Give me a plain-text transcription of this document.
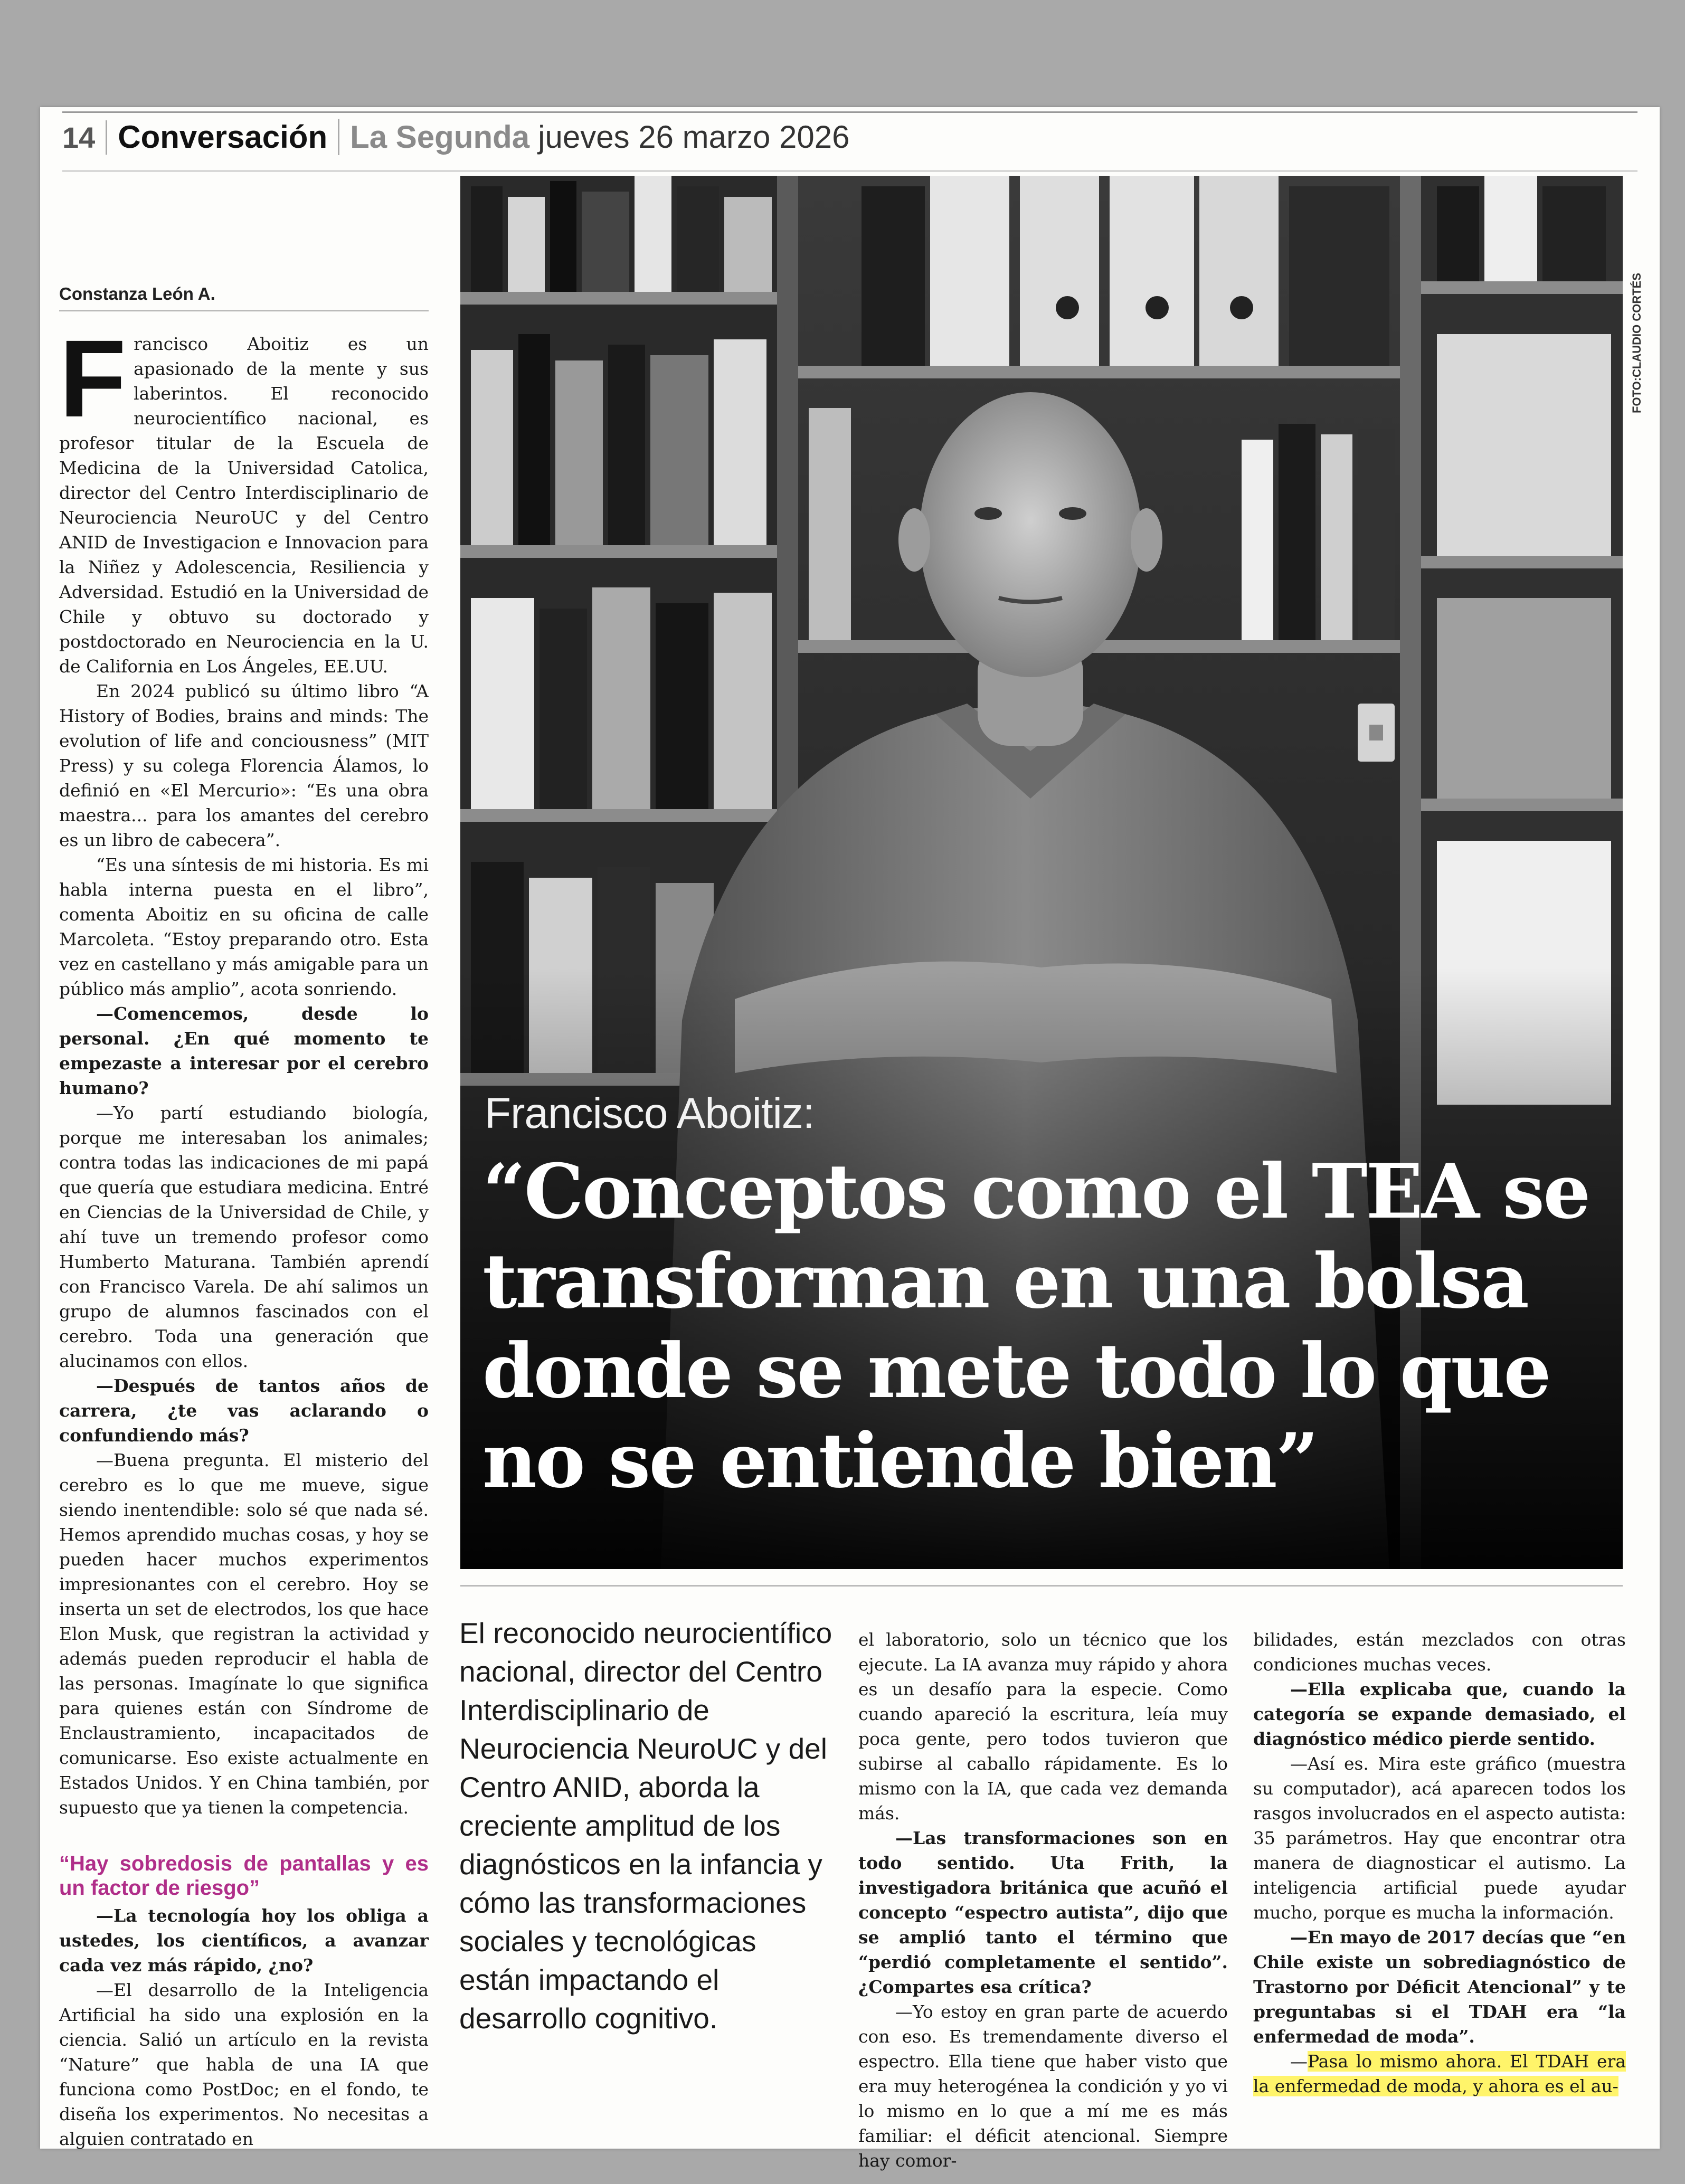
14 Conversación La Segunda jueves 26 marzo 2026
Constanza León A.

Francisco Aboitiz es un apasionado de la mente y sus laberintos. El reconocido neurocientífico nacional, es profesor titular de la Escuela de Medicina de la Universidad Catolica, director del Centro Interdisciplinario de Neurociencia NeuroUC y del Centro ANID de Investigacion e Innovacion para la Niñez y Adolescencia, Resiliencia y Adversidad. Estudió en la Universidad de Chile y obtuvo su doctorado y postdoctorado en Neurociencia en la U. de California en Los Ángeles, EE.UU.

En 2024 publicó su último libro “A History of Bodies, brains and minds: The evolution of life and conciousness” (MIT Press) y su colega Florencia Álamos, lo definió en «El Mercurio»: “Es una obra maestra... para los amantes del cerebro es un libro de cabecera”.

“Es una síntesis de mi historia. Es mi habla interna puesta en el libro”, comenta Aboitiz en su oficina de calle Marcoleta. “Estoy preparando otro. Esta vez en castellano y más amigable para un público más amplio”, acota sonriendo.

—Comencemos, desde lo personal. ¿En qué momento te empezaste a interesar por el cerebro humano?

—Yo partí estudiando biología, porque me interesaban los animales; contra todas las indicaciones de mi papá que quería que estudiara medicina. Entré en Ciencias de la Universidad de Chile, y ahí tuve un tremendo profesor como Humberto Maturana. También aprendí con Francisco Varela. De ahí salimos un grupo de alumnos fascinados con el cerebro. Toda una generación que alucinamos con ellos.

—Después de tantos años de carrera, ¿te vas aclarando o confundiendo más?

—Buena pregunta. El misterio del cerebro es lo que me mueve, sigue siendo inentendible: solo sé que nada sé. Hemos aprendido muchas cosas, y hoy se pueden hacer muchos experimentos impresionantes con el cerebro. Hoy se inserta un set de electrodos, los que hace Elon Musk, que registran la actividad y además pueden reproducir el habla de las personas. Imagínate lo que significa para quienes están con Síndrome de Enclaustramiento, incapacitados de comunicarse. Eso existe actualmente en Estados Unidos. Y en China también, por supuesto que ya tienen la competencia.

“Hay sobredosis de pantallas y es un factor de riesgo”

—La tecnología hoy los obliga a ustedes, los científicos, a avanzar cada vez más rápido, ¿no?

—El desarrollo de la Inteligencia Artificial ha sido una explosión en la ciencia. Salió un artículo en la revista “Nature” que habla de una IA que funciona como PostDoc; en el fondo, te diseña los experimentos. No necesitas a alguien contratado en

Francisco Aboitiz:
“Conceptos como el TEA se transforman en una bolsa donde se mete todo lo que no se entiende bien”
FOTO:CLAUDIO CORTÉS
El reconocido neurocientífico nacional, director del Centro Interdisciplinario de Neurociencia NeuroUC y del Centro ANID, aborda la creciente amplitud de los diagnósticos en la infancia y cómo las transformaciones sociales y tecnológicas están impactando el desarrollo cognitivo.

el laboratorio, solo un técnico que los ejecute. La IA avanza muy rápido y ahora es un desafío para la especie. Como cuando apareció la escritura, leía muy poca gente, pero todos tuvieron que subirse al caballo rápidamente. Es lo mismo con la IA, que cada vez demanda más.

—Las transformaciones son en todo sentido. Uta Frith, la investigadora británica que acuñó el concepto “espectro autista”, dijo que se amplió tanto el término que “perdió completamente el sentido”. ¿Compartes esa crítica?

—Yo estoy en gran parte de acuerdo con eso. Es tremendamente diverso el espectro. Ella tiene que haber visto que era muy heterogénea la condición y yo vi lo mismo en lo que a mí me es más familiar: el déficit atencional. Siempre hay comor-

bilidades, están mezclados con otras condiciones muchas veces.

—Ella explicaba que, cuando la categoría se expande demasiado, el diagnóstico médico pierde sentido.

—Así es. Mira este gráfico (muestra su computador), acá aparecen todos los rasgos involucrados en el aspecto autista: 35 parámetros. Hay que encontrar otra manera de diagnosticar el autismo. La inteligencia artificial puede ayudar mucho, porque es mucha la información.

—En mayo de 2017 decías que “en Chile existe un sobrediagnóstico de Trastorno por Déficit Atencional” y te preguntabas si el TDAH era “la enfermedad de moda”.

—Pasa lo mismo ahora. El TDAH era la enfermedad de moda, y ahora es el au-
